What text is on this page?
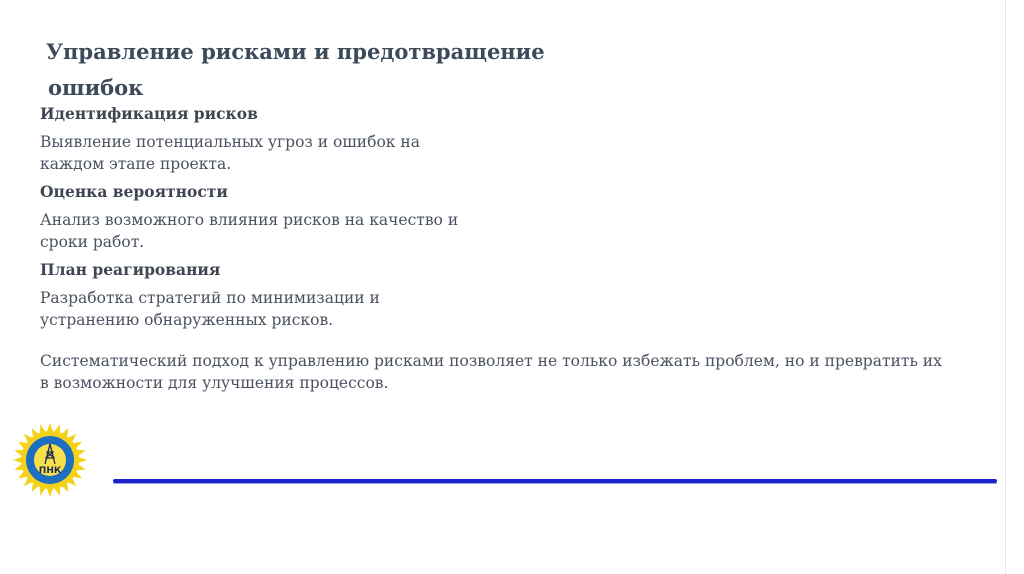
Управление рисками и предотвращение
ошибок
Идентификация рисков

Выявление потенциальных угроз и ошибок на
каждом этапе проекта.

Оценка вероятности

Анализ возможного влияния рисков на качество и
сроки работ.

План реагирования

Разработка стратегий по минимизации и
устранению обнаруженных рисков.

Систематический подход к управлению рисками позволяет не только избежать проблем, но и превратить их
в возможности для улучшения процессов.

ПНК
